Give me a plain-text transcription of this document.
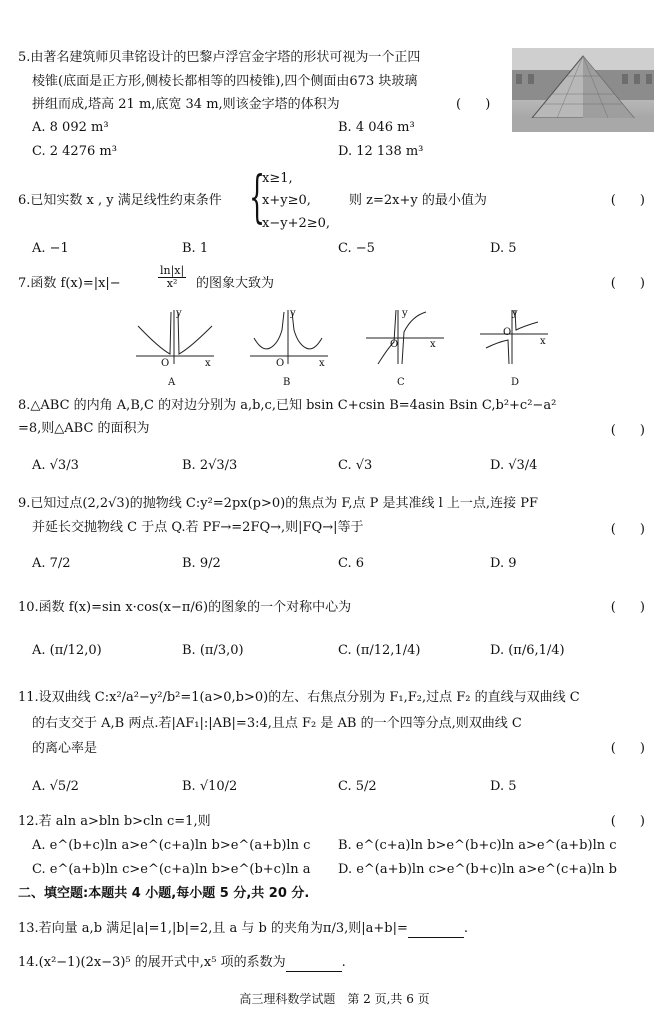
5.由著名建筑师贝聿铭设计的巴黎卢浮宫金字塔的形状可视为一个正四
棱锥(底面是正方形,侧棱长都相等的四棱锥),四个侧面由673 块玻璃
拼组而成,塔高 21 m,底宽 34 m,则该金字塔的体积为	( )
A. 8 092 m³	B. 4 046 m³
C. 2 4276 m³	D. 12 138 m³
6.已知实数 x , y 满足线性约束条件 {
x≥1,
x+y≥0,
x−y+2≥0,
则 z=2x+y 的最小值为	( )
A. −1	B. 1	C. −5	D. 5
7.函数 f(x)=|x|−	$\frac{\ln|x|}{\text{x²}}$ 的图象大致为	( )
y
O	x
A
y
O	x
B
y
O	x
C
y
O
x
D
8.△ABC 的内角 A,B,C 的对边分别为 a,b,c,已知 bsin C+csin B=4asin Bsin C,b²+c²−a²
=8,则△ABC 的面积为	( )
A. √3/3	B. 2√3/3	C. √3	D. √3/4
9.已知过点(2,2√3)的抛物线 C:y²=2px(p>0)的焦点为 F,点 P 是其准线 l 上一点,连接 PF
并延长交抛物线 C 于点 Q.若 PF→=2FQ→,则|FQ→|等于	( )
A. 7/2	B. 9/2	C. 6	D. 9
10.函数 f(x)=sin x·cos(x−π/6)的图象的一个对称中心为	( )
A. (π/12,0)	B. (π/3,0)	C. (π/12,1/4)	D. (π/6,1/4)
11.设双曲线 C:x²/a²−y²/b²=1(a>0,b>0)的左、右焦点分别为 F₁,F₂,过点 F₂ 的直线与双曲线 C
的右支交于 A,B 两点.若|AF₁|:|AB|=3:4,且点 F₂ 是 AB 的一个四等分点,则双曲线 C
的离心率是	( )
A. √5/2	B. √10/2	C. 5/2	D. 5
12.若 aln a>bln b>cln c=1,则	( )
A. e^(b+c)ln a>e^(c+a)ln b>e^(a+b)ln c B. e^(c+a)ln b>e^(b+c)ln a>e^(a+b)ln c
C. e^(a+b)ln c>e^(c+a)ln b>e^(b+c)ln a D. e^(a+b)ln c>e^(b+c)ln a>e^(c+a)ln b
二、填空题:本题共 4 小题,每小题 5 分,共 20 分.
13.若向量 a,b 满足|a|=1,|b|=2,且 a 与 b 的夹角为π/3,则|a+b|=	.
14.(x²−1)(2x−3)⁵ 的展开式中,x⁵ 项的系数为	.
高三理科数学试题　第 2 页,共 6 页
